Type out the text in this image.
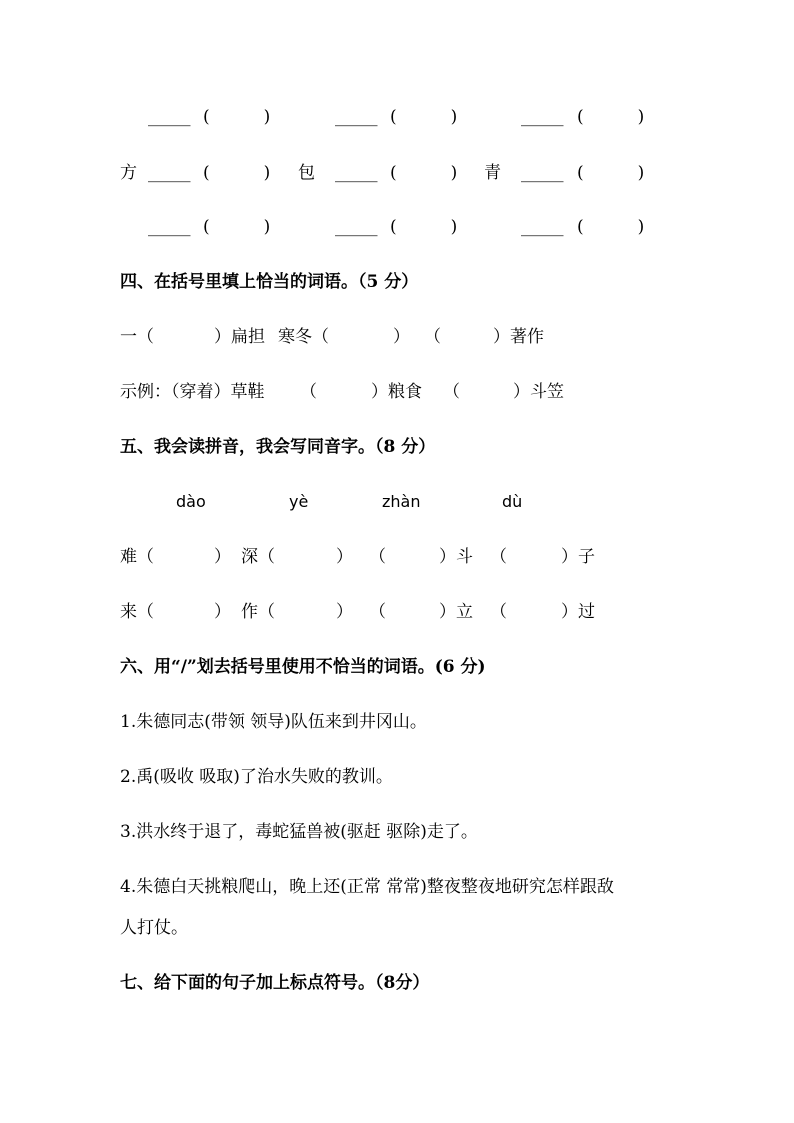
_____ (          )	_____ (          )	_____ (          )
方 _____ (          ) 包 _____ (          ) 青 _____ (          )
_____ (          )	_____ (          )	_____ (          )
四、在括号里填上恰当的词语。（5 分）
一（	）扁担 寒冬（	） （	）著作
示例：（穿着）草鞋 （	）粮食 （	）斗笠
五、我会读拼音，我会写同音字。（8 分）
dào	yè	zhàn	dù
难（	） 深（	） （	）斗 （	）子
来（	） 作（	） （	）立 （	）过
六、用“/”划去括号里使用不恰当的词语。(6 分)
1.朱德同志(带领 领导)队伍来到井冈山。
2.禹(吸收 吸取)了治水失败的教训。
3.洪水终于退了，毒蛇猛兽被(驱赶 驱除)走了。
4.朱德白天挑粮爬山，晚上还(正常 常常)整夜整夜地研究怎样跟敌
人打仗。
七、给下面的句子加上标点符号。（8分）
